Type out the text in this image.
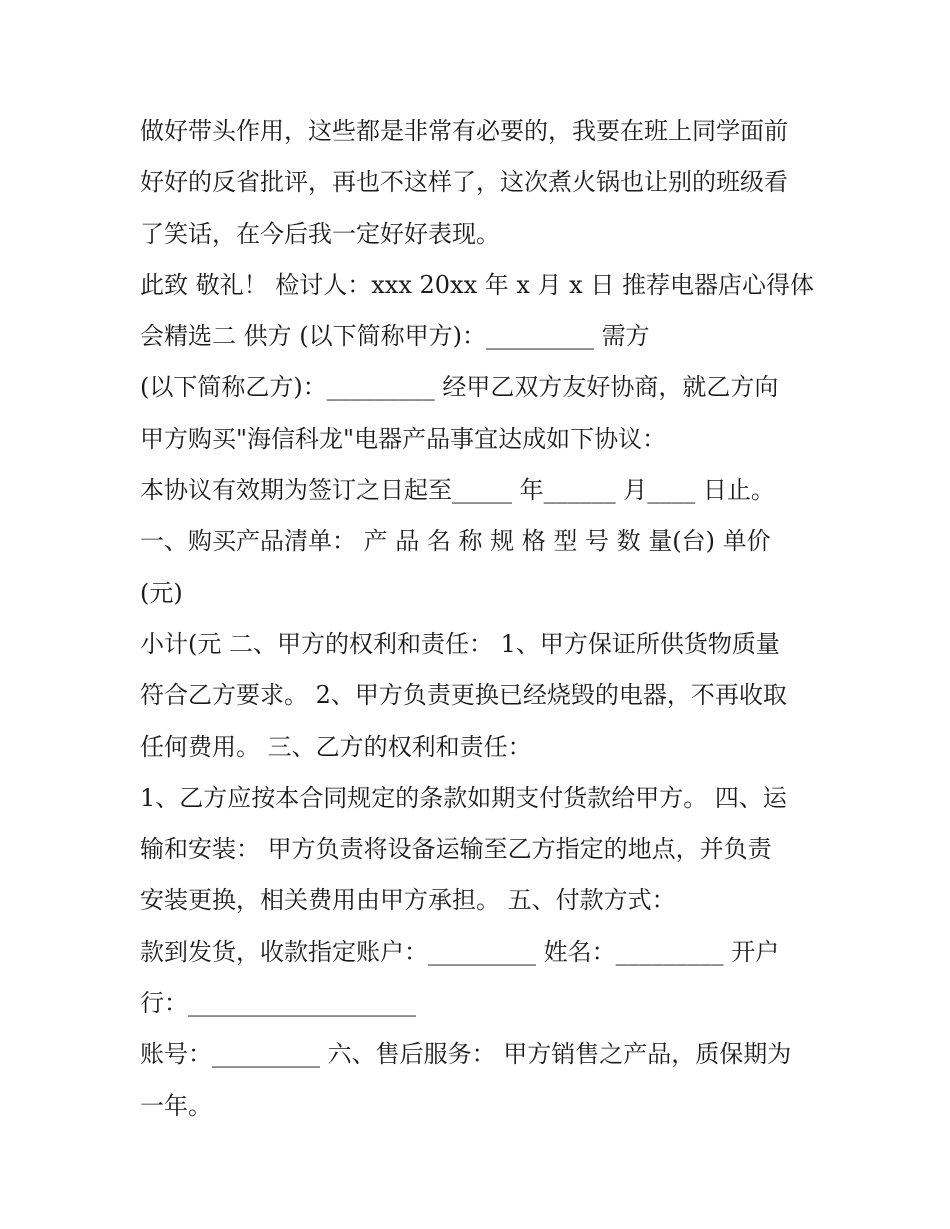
做好带头作用，这些都是非常有必要的，我要在班上同学面前
好好的反省批评，再也不这样了，这次煮火锅也让别的班级看
了笑话，在今后我一定好好表现。
此致 敬礼！ 检讨人：xxx 20xx 年 x 月 x 日 推荐电器店心得体
会精选二 供方 (以下简称甲方)：_________ 需方
(以下简称乙方)：_________ 经甲乙双方友好协商，就乙方向
甲方购买"海信科龙"电器产品事宜达成如下协议：
本协议有效期为签订之日起至_____ 年______ 月____ 日止。
一、购买产品清单： 产 品 名 称 规 格 型 号 数 量(台) 单价
(元)
小计(元 二、甲方的权利和责任： 1、甲方保证所供货物质量
符合乙方要求。 2、甲方负责更换已经烧毁的电器，不再收取
任何费用。 三、乙方的权利和责任：
1、乙方应按本合同规定的条款如期支付货款给甲方。 四、运
输和安装： 甲方负责将设备运输至乙方指定的地点，并负责
安装更换，相关费用由甲方承担。 五、付款方式：
款到发货，收款指定账户：_________ 姓名：_________ 开户
行：___________________
账号：_________ 六、售后服务： 甲方销售之产品，质保期为
一年。
